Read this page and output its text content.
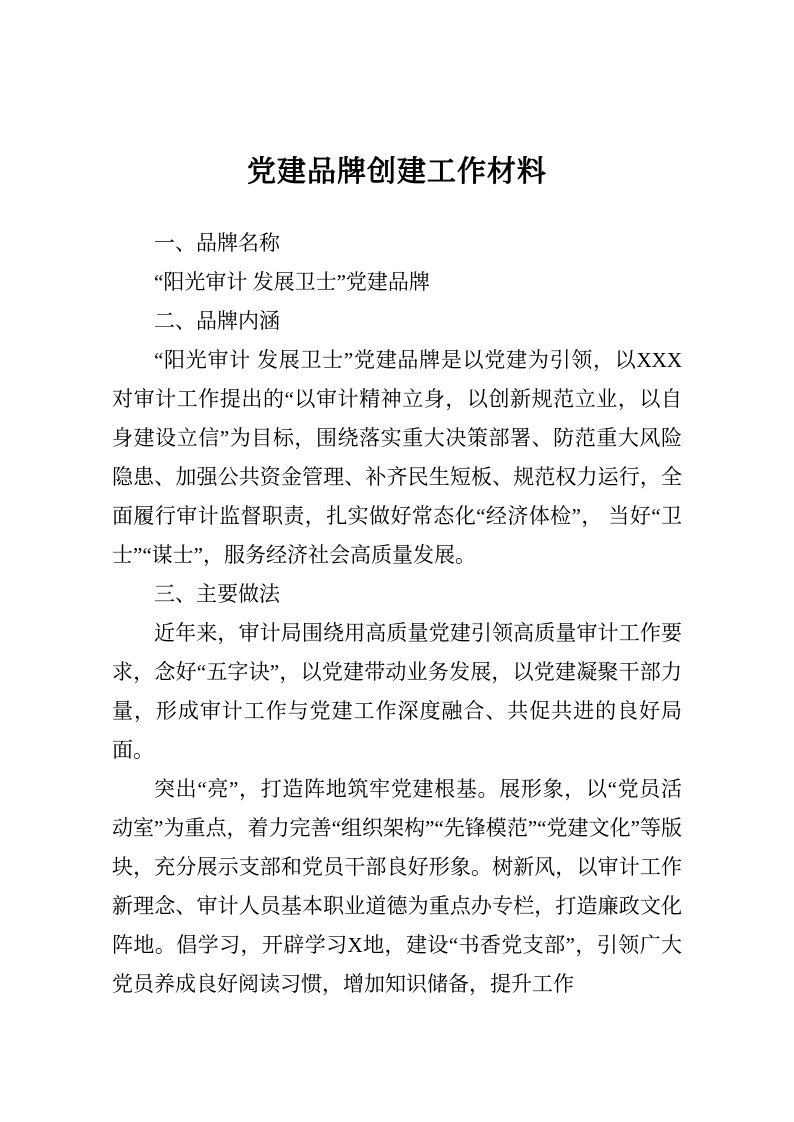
党建品牌创建工作材料

一、品牌名称

“阳光审计 发展卫士”党建品牌

二、品牌内涵

“阳光审计 发展卫士”党建品牌是以党建为引领，以XXX 对审计工作提出的“以审计精神立身，以创新规范立业，以自身建设立信”为目标，围绕落实重大决策部署、防范重大风险隐患、加强公共资金管理、补齐民生短板、规范权力运行，全面履行审计监督职责，扎实做好常态化“经济体检”， 当好“卫士”“谋士”，服务经济社会高质量发展。

三、主要做法

近年来，审计局围绕用高质量党建引领高质量审计工作要求，念好“五字诀”，以党建带动业务发展，以党建凝聚干部力量，形成审计工作与党建工作深度融合、共促共进的良好局面。

突出“亮”，打造阵地筑牢党建根基。展形象，以“党员活动室”为重点，着力完善“组织架构”“先锋模范”“党建文化”等版块，充分展示支部和党员干部良好形象。树新风，以审计工作新理念、审计人员基本职业道德为重点办专栏，打造廉政文化阵地。倡学习，开辟学习X地，建设“书香党支部”，引领广大党员养成良好阅读习惯，增加知识储备，提升工作
